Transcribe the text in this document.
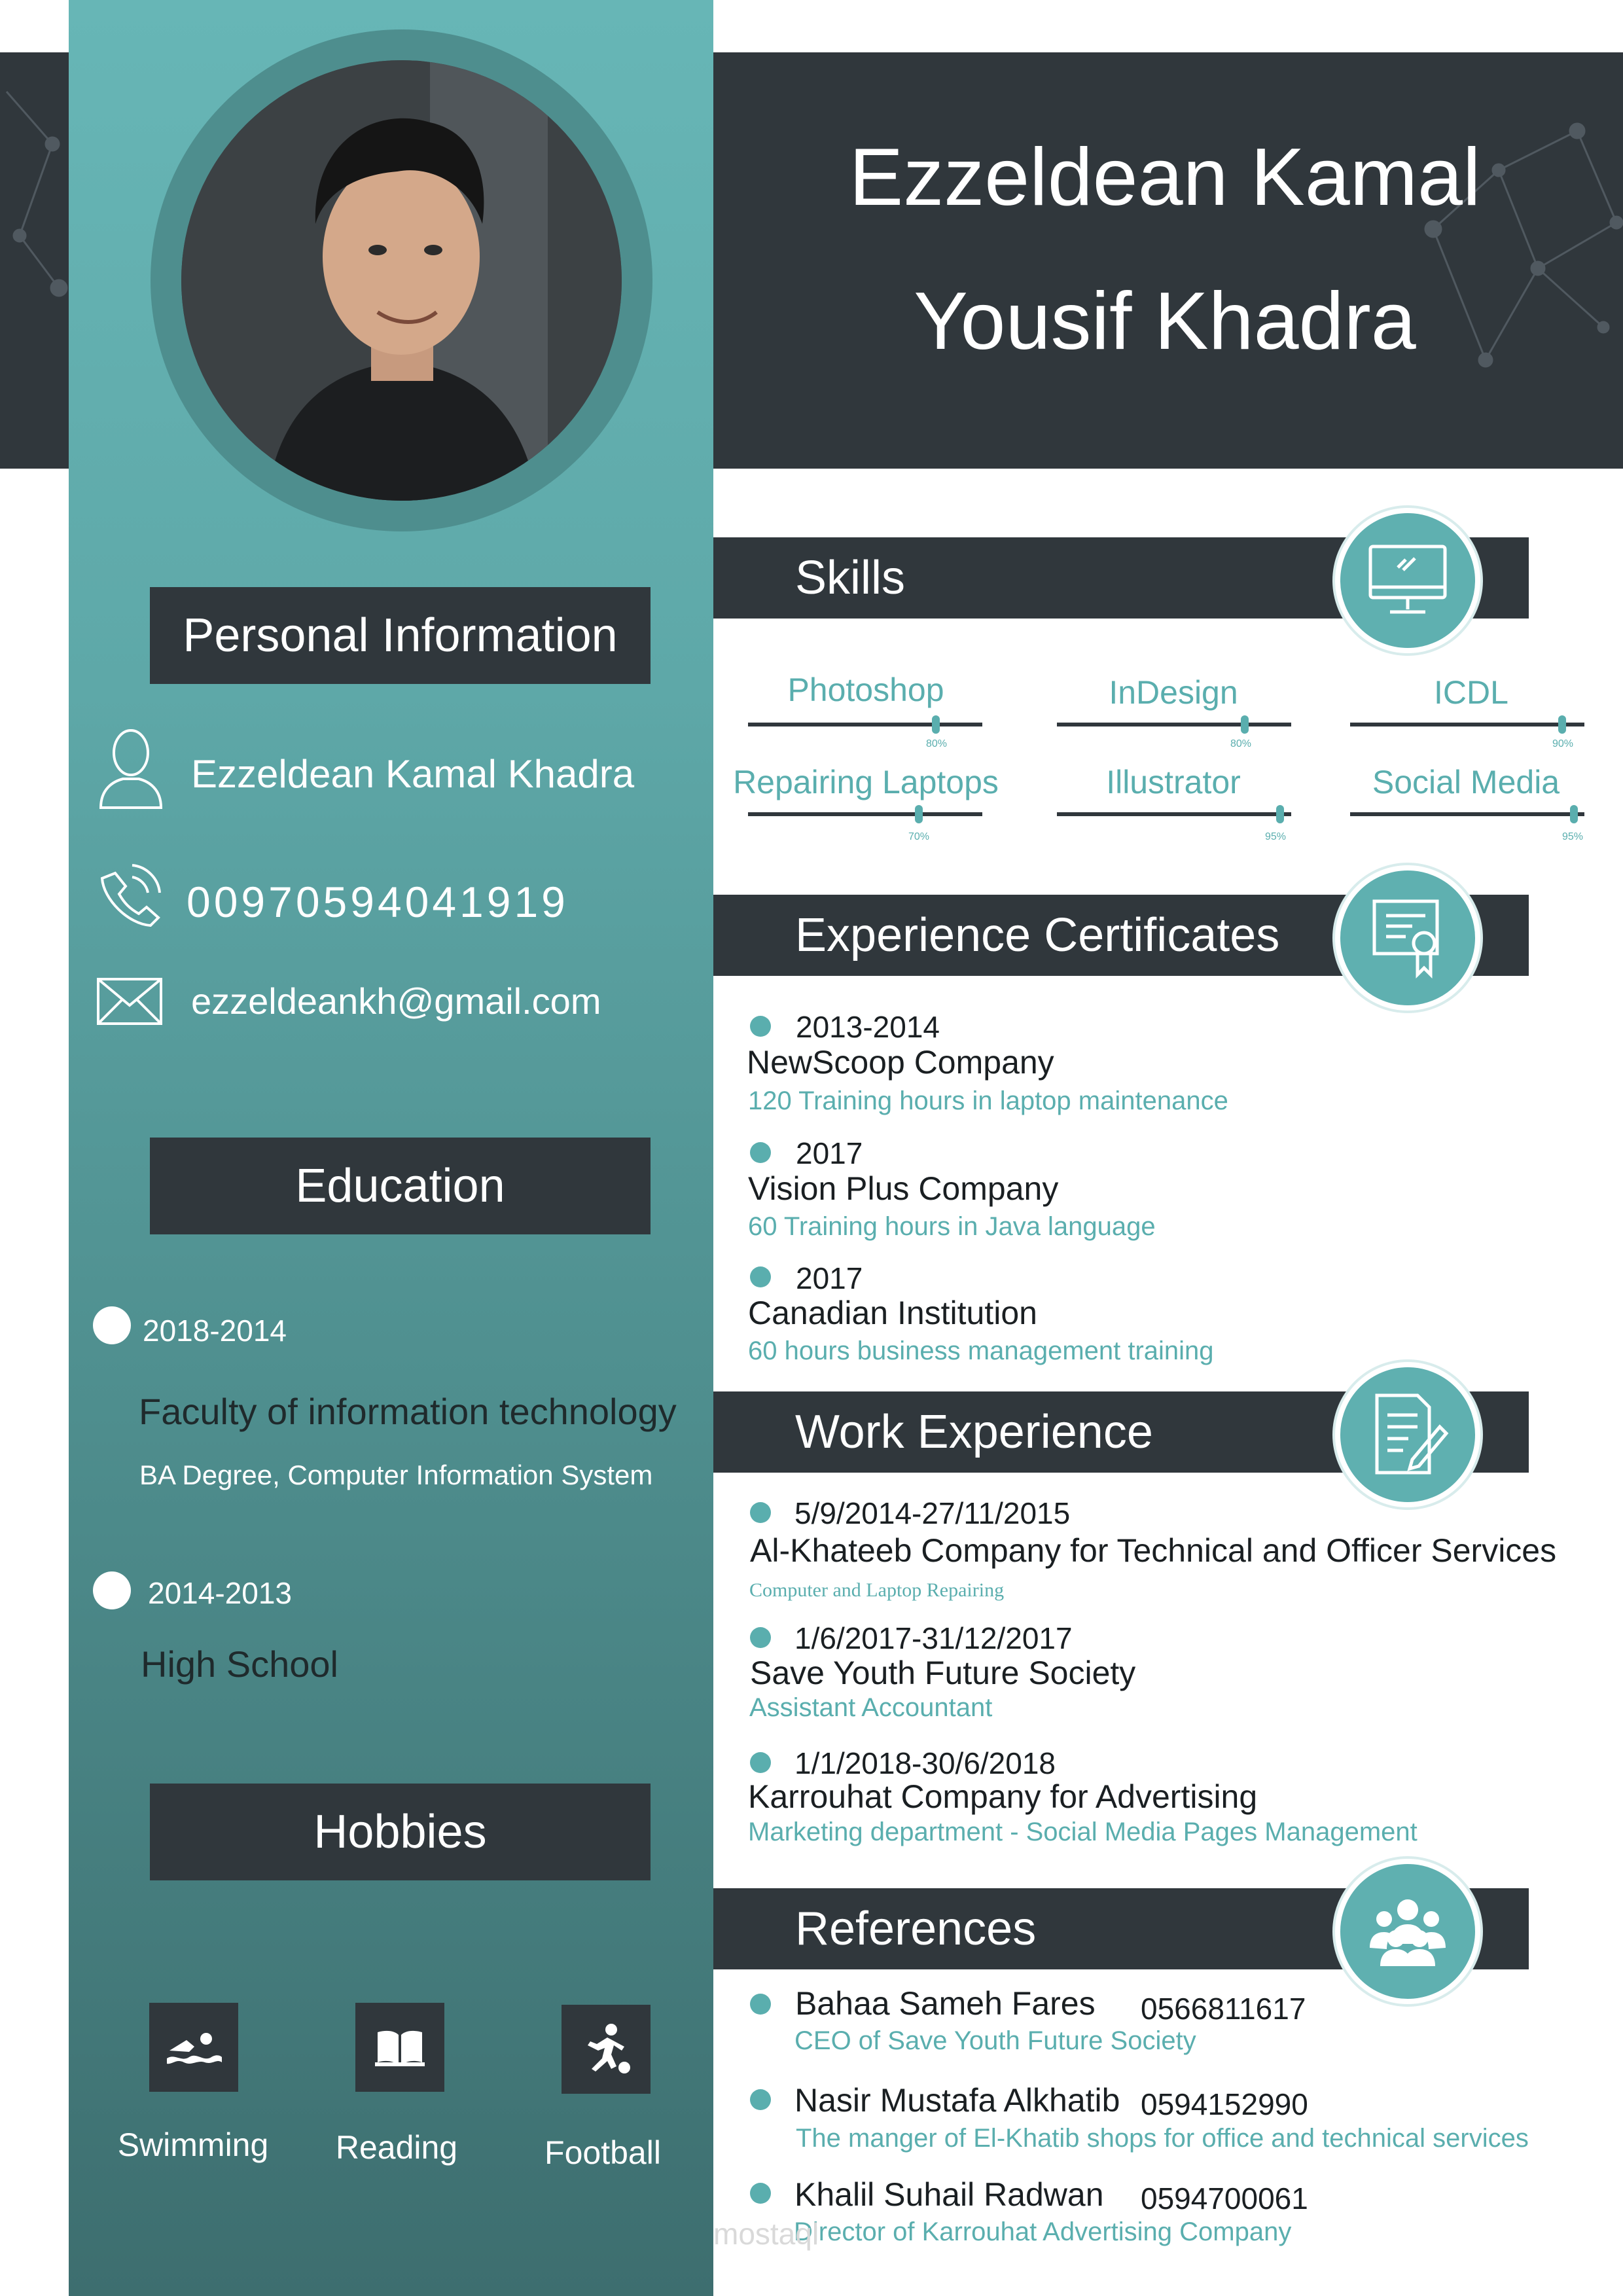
Ezzeldean Kamal
Yousif Khadra
Personal Information
Ezzeldean Kamal Khadra
00970594041919
ezzeldeankh@gmail.com
Education
2018-2014
Faculty of information technology
BA Degree, Computer Information System
2014-2013
High School
Hobbies
Swimming	Reading	Football
Skills
Photoshop
80%
InDesign
80%
ICDL
90%
Repairing Laptops
70%
Illustrator
95%
Social Media
95%
Experience Certificates
2013-2014
NewScoop Company
120 Training hours in laptop maintenance
2017
Vision Plus Company
60 Training hours in Java language
2017
Canadian Institution
60 hours business management training
Work Experience
5/9/2014-27/11/2015
Al-Khateeb Company for Technical and Officer Services
Computer and Laptop Repairing
1/6/2017-31/12/2017
Save Youth Future Society
Assistant Accountant
1/1/2018-30/6/2018
Karrouhat Company for Advertising
Marketing department - Social Media Pages Management
References
Bahaa Sameh Fares 0566811617
CEO of Save Youth Future Society
Nasir Mustafa Alkhatib 0594152990
The manger of El-Khatib shops for office and technical services
Khalil Suhail Radwan 0594700061
Director of Karrouhat Advertising Company
mostaql
